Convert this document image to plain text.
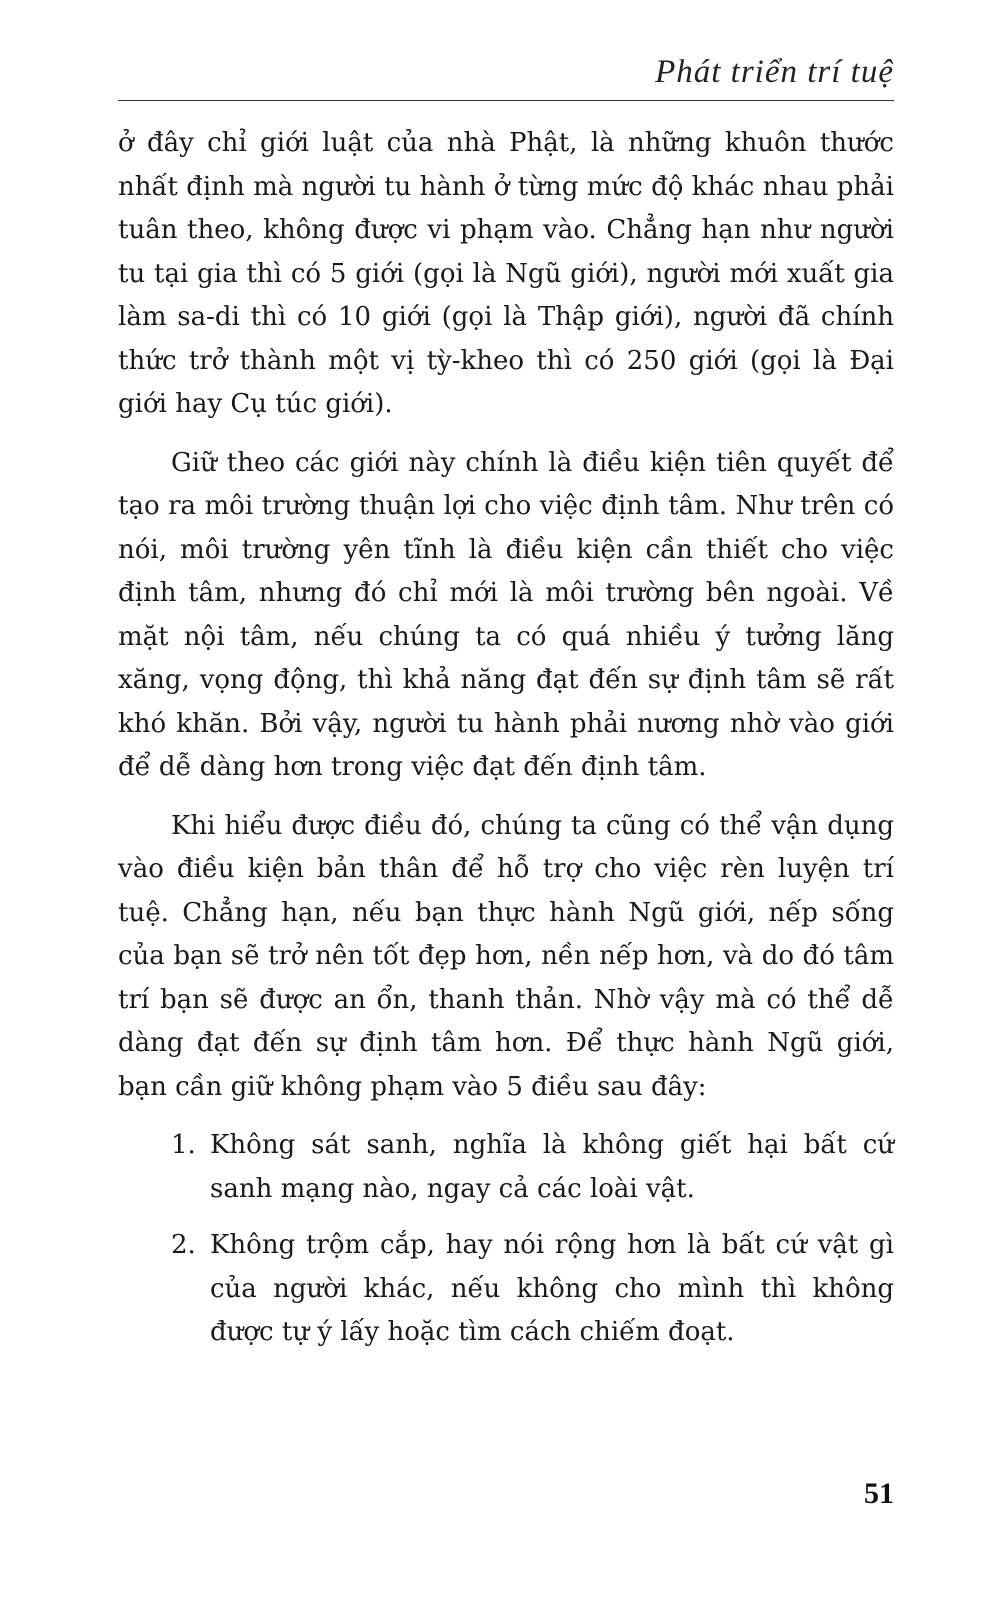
Phát triển trí tuệ

ở đây chỉ giới luật của nhà Phật, là những khuôn thước nhất định mà người tu hành ở từng mức độ khác nhau phải tuân theo, không được vi phạm vào. Chẳng hạn như người tu tại gia thì có 5 giới (gọi là Ngũ giới), người mới xuất gia làm sa-di thì có 10 giới (gọi là Thập giới), người đã chính thức trở thành một vị tỳ-kheo thì có 250 giới (gọi là Đại giới hay Cụ túc giới).

Giữ theo các giới này chính là điều kiện tiên quyết để tạo ra môi trường thuận lợi cho việc định tâm. Như trên có nói, môi trường yên tĩnh là điều kiện cần thiết cho việc định tâm, nhưng đó chỉ mới là môi trường bên ngoài. Về mặt nội tâm, nếu chúng ta có quá nhiều ý tưởng lăng xăng, vọng động, thì khả năng đạt đến sự định tâm sẽ rất khó khăn. Bởi vậy, người tu hành phải nương nhờ vào giới để dễ dàng hơn trong việc đạt đến định tâm.

Khi hiểu được điều đó, chúng ta cũng có thể vận dụng vào điều kiện bản thân để hỗ trợ cho việc rèn luyện trí tuệ. Chẳng hạn, nếu bạn thực hành Ngũ giới, nếp sống của bạn sẽ trở nên tốt đẹp hơn, nền nếp hơn, và do đó tâm trí bạn sẽ được an ổn, thanh thản. Nhờ vậy mà có thể dễ dàng đạt đến sự định tâm hơn. Để thực hành Ngũ giới, bạn cần giữ không phạm vào 5 điều sau đây:

1. Không sát sanh, nghĩa là không giết hại bất cứ sanh mạng nào, ngay cả các loài vật.
2. Không trộm cắp, hay nói rộng hơn là bất cứ vật gì của người khác, nếu không cho mình thì không được tự ý lấy hoặc tìm cách chiếm đoạt.
51
